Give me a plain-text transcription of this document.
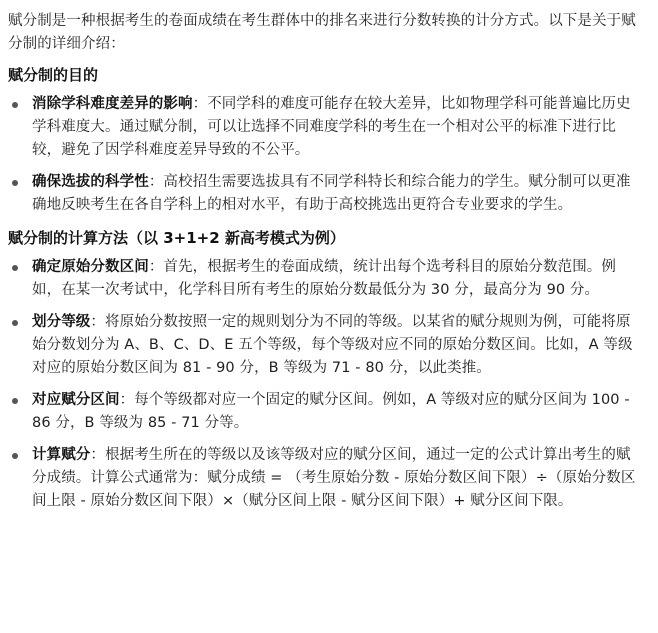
赋分制是一种根据考生的卷面成绩在考生群体中的排名来进行分数转换的计分方式。以下是关于赋分制的详细介绍：

赋分制的目的
消除学科难度差异的影响：不同学科的难度可能存在较大差异，比如物理学科可能普遍比历史学科难度大。通过赋分制，可以让选择不同难度学科的考生在一个相对公平的标准下进行比较，避免了因学科难度差异导致的不公平。
确保选拔的科学性：高校招生需要选拔具有不同学科特长和综合能力的学生。赋分制可以更准确地反映考生在各自学科上的相对水平，有助于高校挑选出更符合专业要求的学生。
赋分制的计算方法（以 3+1+2 新高考模式为例）
确定原始分数区间：首先，根据考生的卷面成绩，统计出每个选考科目的原始分数范围。例如，在某一次考试中，化学科目所有考生的原始分数最低分为 30 分，最高分为 90 分。
划分等级：将原始分数按照一定的规则划分为不同的等级。以某省的赋分规则为例，可能将原始分数划分为 A、B、C、D、E 五个等级，每个等级对应不同的原始分数区间。比如，A 等级对应的原始分数区间为 81 - 90 分，B 等级为 71 - 80 分，以此类推。
对应赋分区间：每个等级都对应一个固定的赋分区间。例如，A 等级对应的赋分区间为 100 - 86 分，B 等级为 85 - 71 分等。
计算赋分：根据考生所在的等级以及该等级对应的赋分区间，通过一定的公式计算出考生的赋分成绩。计算公式通常为：赋分成绩 = （考生原始分数 - 原始分数区间下限）÷（原始分数区间上限 - 原始分数区间下限）×（赋分区间上限 - 赋分区间下限）+ 赋分区间下限。
